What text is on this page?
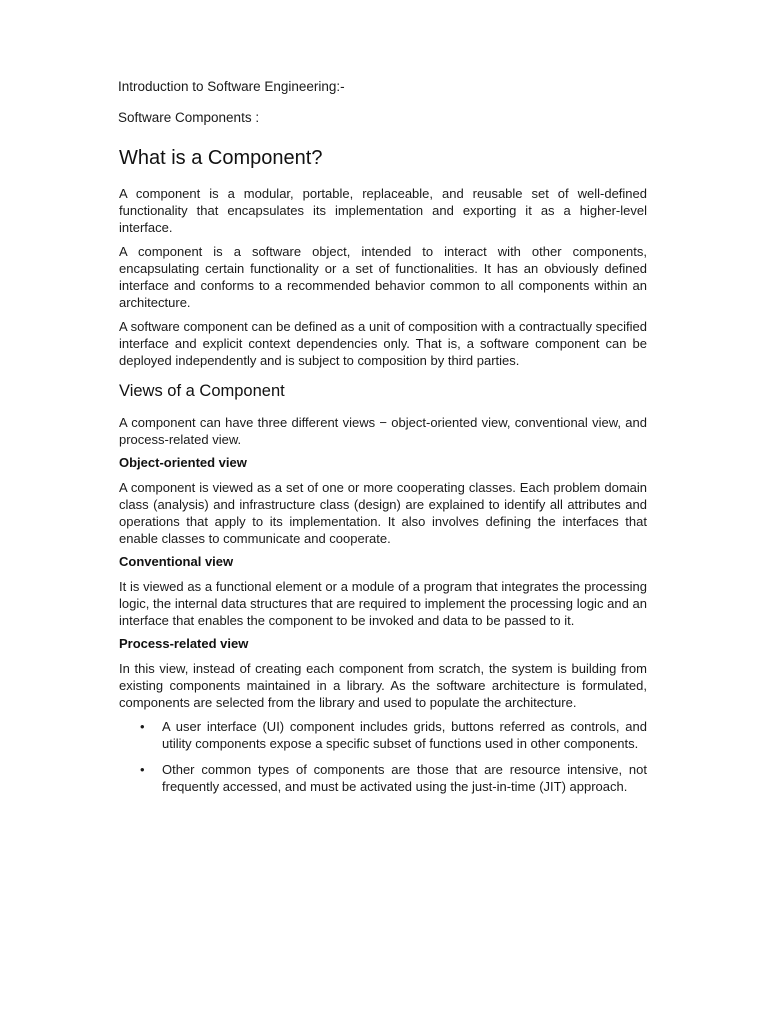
Introduction to Software Engineering:-

Software Components :

What is a Component?

A component is a modular, portable, replaceable, and reusable set of well-defined functionality that encapsulates its implementation and exporting it as a higher-level interface.

A component is a software object, intended to interact with other components, encapsulating certain functionality or a set of functionalities. It has an obviously defined interface and conforms to a recommended behavior common to all components within an architecture.

A software component can be defined as a unit of composition with a contractually specified interface and explicit context dependencies only. That is, a software component can be deployed independently and is subject to composition by third parties.

Views of a Component

A component can have three different views − object-oriented view, conventional view, and process-related view.

Object-oriented view

A component is viewed as a set of one or more cooperating classes. Each problem domain class (analysis) and infrastructure class (design) are explained to identify all attributes and operations that apply to its implementation. It also involves defining the interfaces that enable classes to communicate and cooperate.

Conventional view

It is viewed as a functional element or a module of a program that integrates the processing logic, the internal data structures that are required to implement the processing logic and an interface that enables the component to be invoked and data to be passed to it.

Process-related view

In this view, instead of creating each component from scratch, the system is building from existing components maintained in a library. As the software architecture is formulated, components are selected from the library and used to populate the architecture.

• A user interface (UI) component includes grids, buttons referred as controls, and utility components expose a specific subset of functions used in other components.
• Other common types of components are those that are resource intensive, not frequently accessed, and must be activated using the just-in-time (JIT) approach.
